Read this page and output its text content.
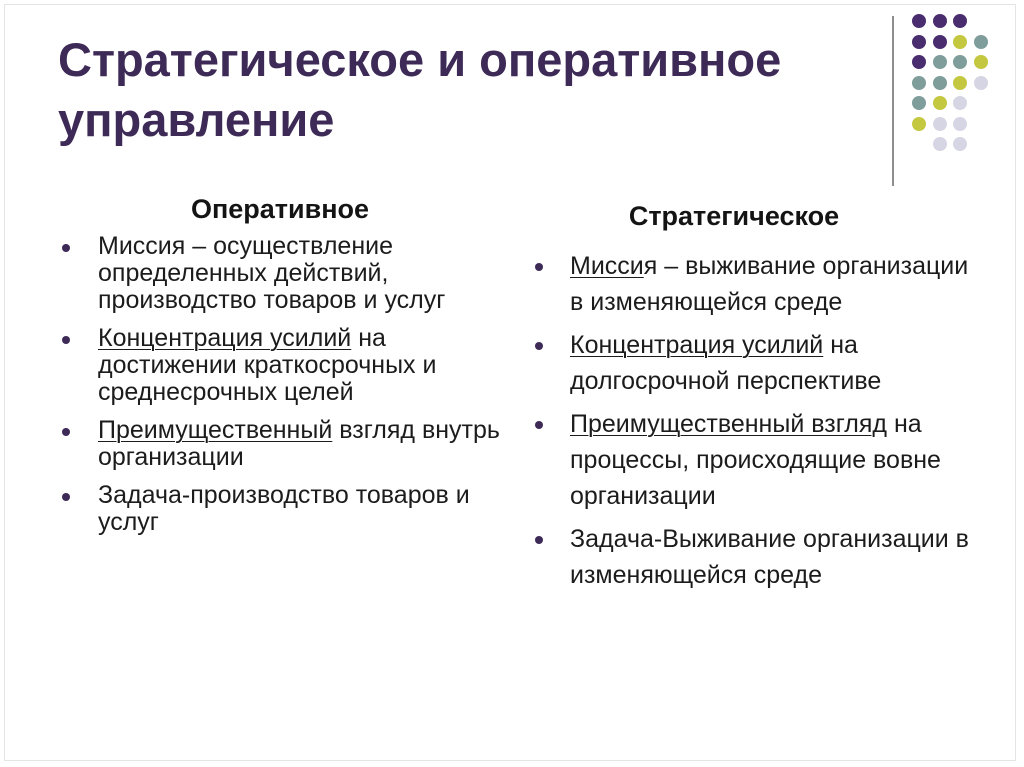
Стратегическое и оперативное управление
Оперативное
Миссия – осуществление определенных действий, производство товаров и услуг
Концентрация усилий на достижении краткосрочных и среднесрочных целей
Преимущественный взгляд внутрь организации
Задача-производство товаров и услуг
Стратегическое
Миссия – выживание организации в изменяющейся среде
Концентрация усилий на долгосрочной перспективе
Преимущественный взгляд на процессы, происходящие вовне организации
Задача-Выживание организации в изменяющейся среде
